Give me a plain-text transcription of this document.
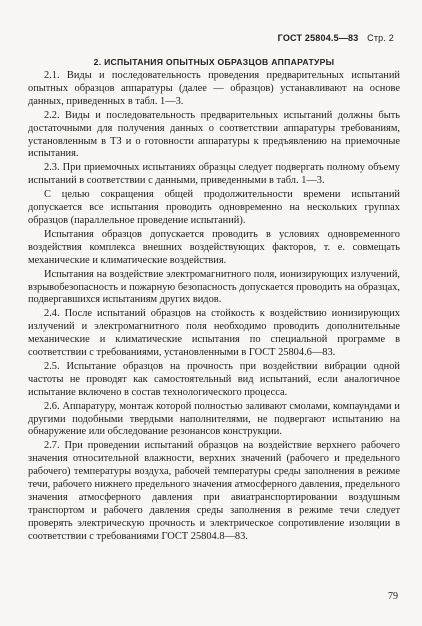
ГОСТ 25804.5—83 Стр. 2
2. ИСПЫТАНИЯ ОПЫТНЫХ ОБРАЗЦОВ АППАРАТУРЫ

2.1. Виды и последовательность проведения предварительных испытаний опытных образцов аппаратуры (далее — образцов) устанавливают на основе данных, приведенных в табл. 1—3.

2.2. Виды и последовательность предварительных испытаний должны быть достаточными для получения данных о соответствии аппаратуры требованиям, установленным в ТЗ и о готовности аппаратуры к предъявлению на приемочные испытания.

2.3. При приемочных испытаниях образцы следует подвергать полному объему испытаний в соответствии с данными, приведенными в табл. 1—3.

С целью сокращения общей продолжительности времени испытаний допускается все испытания проводить одновременно на нескольких группах образцов (параллельное проведение испытаний).

Испытания образцов допускается проводить в условиях одновременного воздействия комплекса внешних воздействующих факторов, т. е. совмещать механические и климатические воздействия.

Испытания на воздействие электромагнитного поля, ионизирующих излучений, взрывобезопасность и пожарную безопасность допускается проводить на образцах, подвергавшихся испытаниям других видов.

2.4. После испытаний образцов на стойкость к воздействию ионизирующих излучений и электромагнитного поля необходимо проводить дополнительные механические и климатические испытания по специальной программе в соответствии с требованиями, установленными в ГОСТ 25804.6—83.

2.5. Испытание образцов на прочность при воздействии вибрации одной частоты не проводят как самостоятельный вид испытаний, если аналогичное испытание включено в состав технологического процесса.

2.6. Аппаратуру, монтаж которой полностью заливают смолами, компаундами и другими подобными твердыми наполнителями, не подвергают испытанию на обнаружение или обследование резонансов конструкции.

2.7. При проведении испытаний образцов на воздействие верхнего рабочего значения относительной влажности, верхних значений (рабочего и предельного рабочего) температуры воздуха, рабочей температуры среды заполнения в режиме течи, рабочего нижнего предельного значения атмосферного давления, предельного значения атмосферного давления при авиатранспортировании воздушным транспортом и рабочего давления среды заполнения в режиме течи следует проверять электрическую прочность и электрическое сопротивление изоляции в соответствии с требованиями ГОСТ 25804.8—83.

79
